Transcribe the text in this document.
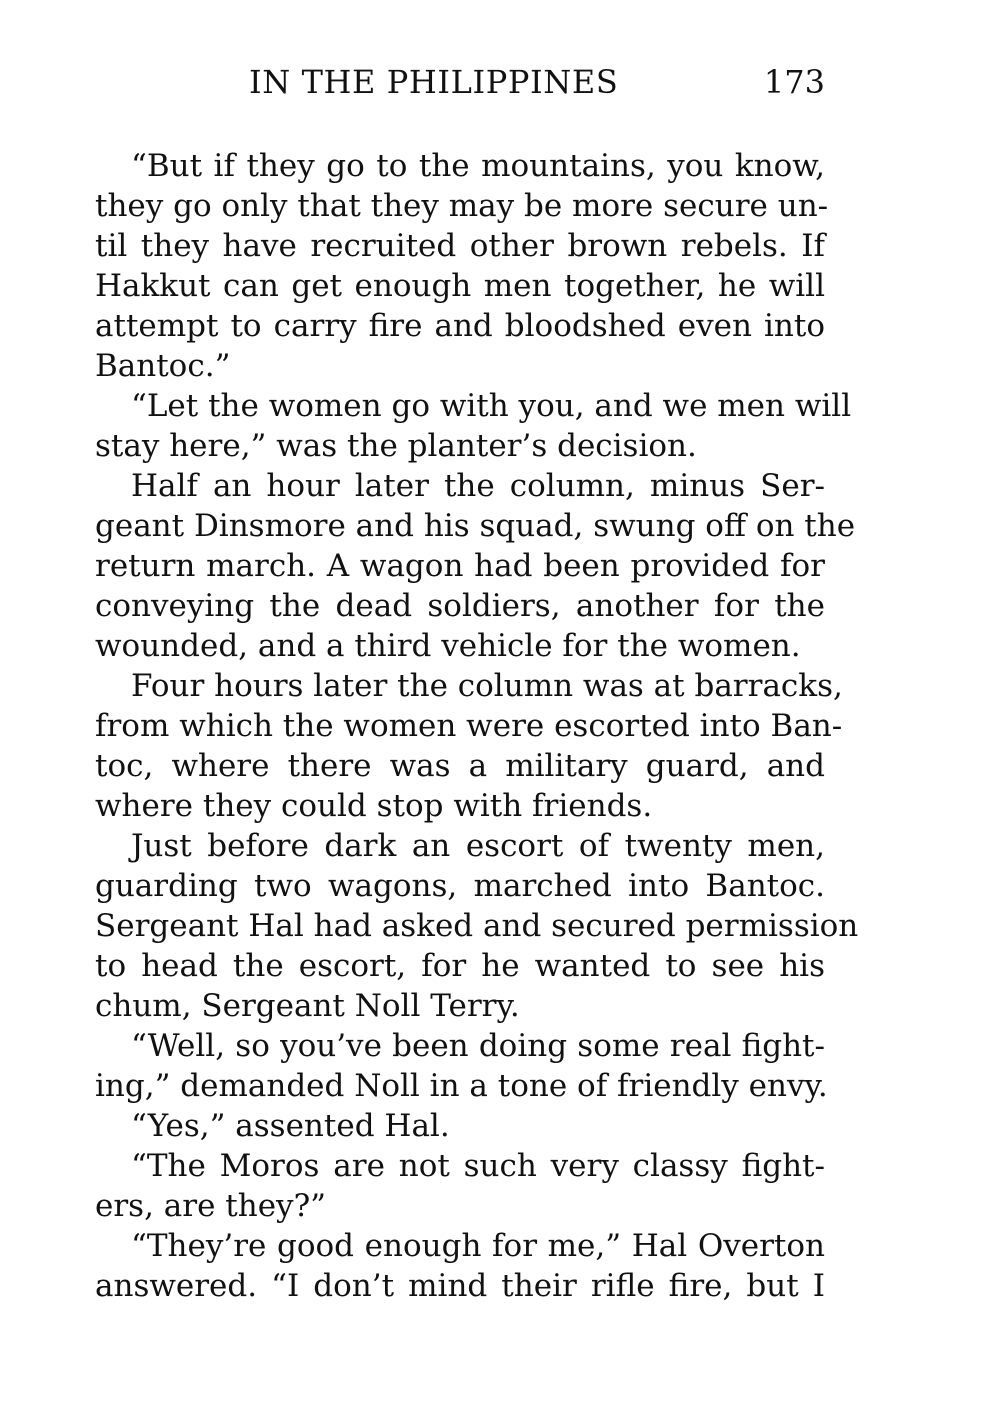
IN THE PHILIPPINES	173
“But if they go to the mountains, you know,
they go only that they may be more secure un-
til they have recruited other brown rebels. If
Hakkut can get enough men together, he will
attempt to carry fire and bloodshed even into
Bantoc.”
“Let the women go with you, and we men will
stay here,” was the planter’s decision.
Half an hour later the column, minus Ser-
geant Dinsmore and his squad, swung off on the
return march. A wagon had been provided for
conveying the dead soldiers, another for the
wounded, and a third vehicle for the women.
Four hours later the column was at barracks,
from which the women were escorted into Ban-
toc, where there was a military guard, and
where they could stop with friends.
Just before dark an escort of twenty men,
guarding two wagons, marched into Bantoc.
Sergeant Hal had asked and secured permission
to head the escort, for he wanted to see his
chum, Sergeant Noll Terry.
“Well, so you’ve been doing some real fight-
ing,” demanded Noll in a tone of friendly envy.
“Yes,” assented Hal.
“The Moros are not such very classy fight-
ers, are they?”
“They’re good enough for me,” Hal Overton
answered. “I don’t mind their rifle fire, but I
